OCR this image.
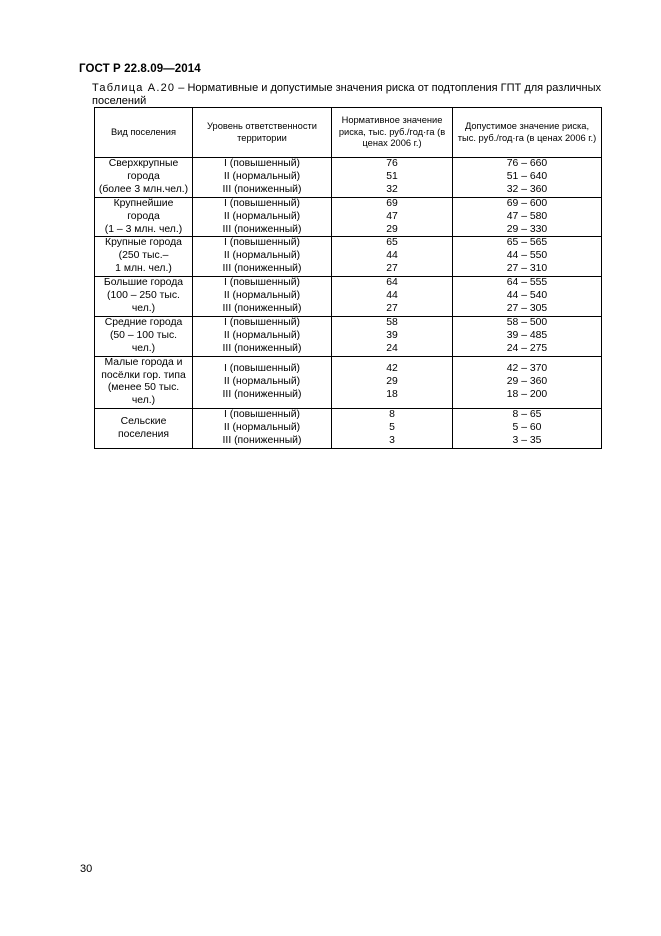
ГОСТ Р 22.8.09—2014
Таблица А.20 – Нормативные и допустимые значения риска от подтопления ГПТ для различных поселений
Вид поселения	Уровень ответственности территории	Нормативное значение риска, тыс. руб./год·га (в ценах 2006 г.)	Допустимое значение риска, тыс. руб./год·га (в ценах 2006 г.)

Сверхкрупные
города
(более 3 млн.чел.)	I (повышенный)
II (нормальный)
III (пониженный)	76
51
32	76 – 660
51 – 640
32 – 360

Крупнейшие
города
(1 – 3 млн. чел.)	I (повышенный)
II (нормальный)
III (пониженный)	69
47
29	69 – 600
47 – 580
29 – 330

Крупные города
(250 тыс.–
1 млн. чел.)	I (повышенный)
II (нормальный)
III (пониженный)	65
44
27	65 – 565
44 – 550
27 – 310

Большие города
(100 – 250 тыс.
чел.)	I (повышенный)
II (нормальный)
III (пониженный)	64
44
27	64 – 555
44 – 540
27 – 305

Средние города
(50 – 100 тыс.
чел.)	I (повышенный)
II (нормальный)
III (пониженный)	58
39
24	58 – 500
39 – 485
24 – 275

Малые города и
посёлки гор. типа
(менее 50 тыс.
чел.)	I (повышенный)
II (нормальный)
III (пониженный)	42
29
18	42 – 370
29 – 360
18 – 200

Сельские
поселения	I (повышенный)
II (нормальный)
III (пониженный)	8
5
3	8 – 65
5 – 60
3 – 35
30
